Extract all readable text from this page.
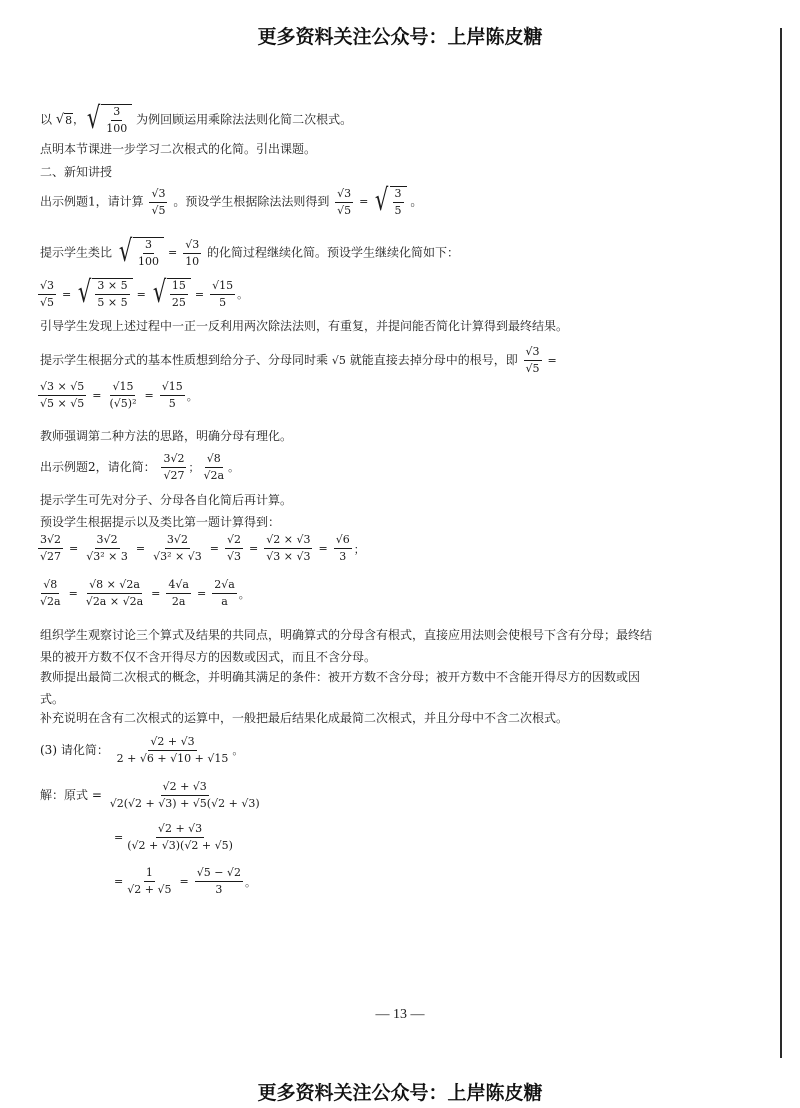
更多资料关注公众号：上岸陈皮糖
以 √ 8 ， √ $\frac{3}{100}$ 为例回顾运用乘除法法则化简二次根式。
点明本节课进一步学习二次根式的化简。引出课题。
二、新知讲授
出示例题1，请计算 $\frac{√3}{√5}$ 。预设学生根据除法法则得到 $\frac{√3}{√5}$ = √ $\frac{3}{5}$ 。
提示学生类比 √ $\frac{3}{100} = \frac{√3}{10}$ 的化简过程继续化简。预设学生继续化简如下：
$\frac{√3}{√5}$ = √ $\frac{3 \times 5}{5 \times 5}$ = √ $\frac{15}{25} = \frac{√15}{5}$ 。
引导学生发现上述过程中一正一反利用两次除法法则，有重复，并提问能否简化计算得到最终结果。
提示学生根据分式的基本性质想到给分子、分母同时乘 √ 5 就能直接去掉分母中的根号，即 $\frac{√3}{√5}$ =
$\frac{√3 \times √5}{√5 \times √5} = \frac{√15}{\text{(√5)²}} = \frac{√15}{5}$ 。
教师强调第二种方法的思路，明确分母有理化。
出示例题2，请化简： $\frac{3√2}{√27}$ ； $\frac{√8}{√2a}$ 。
提示学生可先对分子、分母各自化简后再计算。
预设学生根据提示以及类比第一题计算得到：
$\frac{3√2}{√27} = \frac{3√2}{\text{√3² × 3}} = \frac{3√2}{\text{√3² × √3}} = \frac{√2}{√3} = \frac{√2 \times √3}{√3 \times √3} = \frac{√6}{3}$ ；
$\frac{√8}{√2a} = \frac{√8 \times √2a}{√2a \times √2a} = \frac{4√a}{2a} = \frac{2√a}{a}$ 。
组织学生观察讨论三个算式及结果的共同点，明确算式的分母含有根式，直接应用法则会使根号下含有分母；最终结果的被开方数不仅不含开得尽方的因数或因式，而且不含分母。
教师提出最简二次根式的概念，并明确其满足的条件：被开方数不含分母；被开方数中不含能开得尽方的因数或因式。
补充说明在含有二次根式的运算中，一般把最后结果化成最简二次根式，并且分母中不含二次根式。
(3) 请化简： $\frac{√2 + √3}{2 + √6 + √10 + √15}$ 。
解：原式 = $\frac{√2 + √3}{√2(√2 + √3) + √5(√2 + √3)}$
= $\frac{√2 + √3}{(√2 + √3)(√2 + √5)}$
= $\frac{1}{√2 + √5} = \frac{√5 - √2}{3}$ 。
— 13 —
更多资料关注公众号：上岸陈皮糖
